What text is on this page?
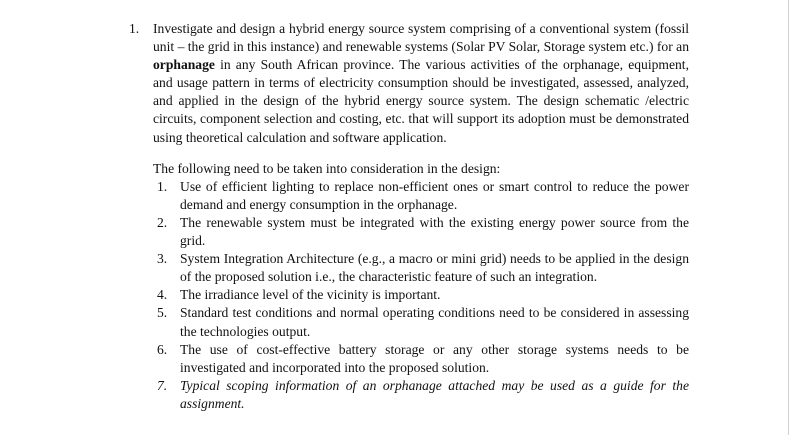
1. Investigate and design a hybrid energy source system comprising of a conventional system (fossil unit – the grid in this instance) and renewable systems (Solar PV Solar, Storage system etc.) for an orphanage in any South African province. The various activities of the orphanage, equipment, and usage pattern in terms of electricity consumption should be investigated, assessed, analyzed, and applied in the design of the hybrid energy source system. The design schematic /electric circuits, component selection and costing, etc. that will support its adoption must be demonstrated using theoretical calculation and software application.

The following need to be taken into consideration in the design:

1. Use of efficient lighting to replace non-efficient ones or smart control to reduce the power demand and energy consumption in the orphanage.
2. The renewable system must be integrated with the existing energy power source from the grid.
3. System Integration Architecture (e.g., a macro or mini grid) needs to be applied in the design of the proposed solution i.e., the characteristic feature of such an integration.
4. The irradiance level of the vicinity is important.
5. Standard test conditions and normal operating conditions need to be considered in assessing the technologies output.
6. The use of cost-effective battery storage or any other storage systems needs to be investigated and incorporated into the proposed solution.
7. Typical scoping information of an orphanage attached may be used as a guide for the assignment.
